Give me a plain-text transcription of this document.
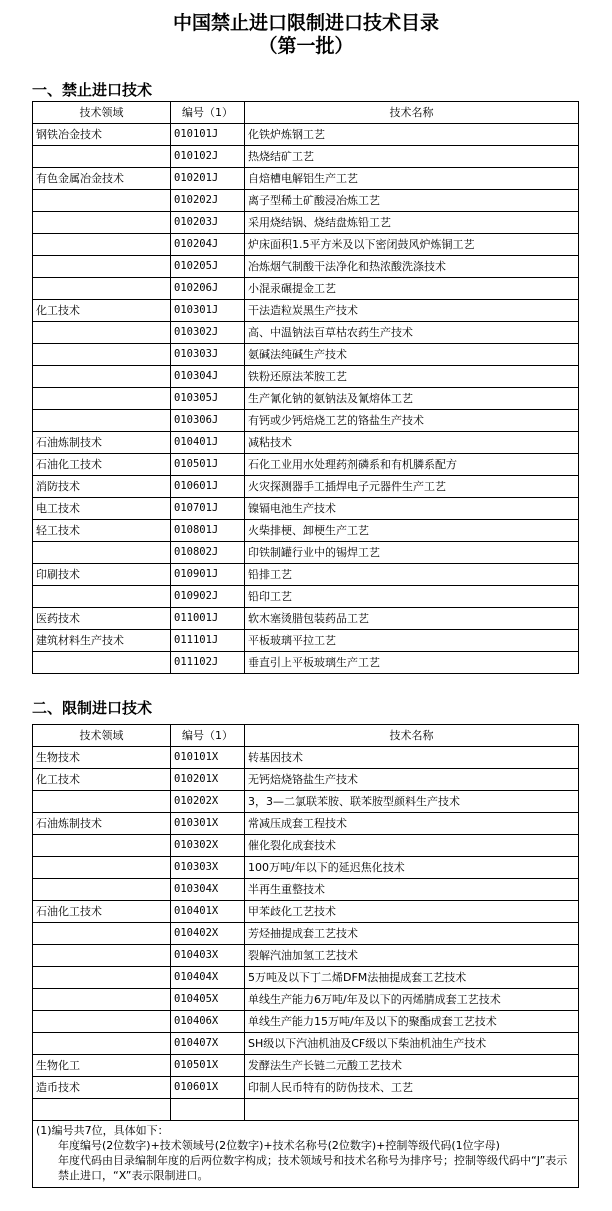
中国禁止进口限制进口技术目录
（第一批）
一、禁止进口技术
技术领域	编号（1）	技术名称
钢铁冶金技术	010101J	化铁炉炼钢工艺
	010102J	热烧结矿工艺
有色金属冶金技术	010201J	自焙槽电解铝生产工艺
	010202J	离子型稀土矿酸浸冶炼工艺
	010203J	采用烧结锅、烧结盘炼铅工艺
	010204J	炉床面积1.5平方米及以下密闭鼓风炉炼铜工艺
	010205J	冶炼烟气制酸干法净化和热浓酸洗涤技术
	010206J	小混汞碾提金工艺
化工技术	010301J	干法造粒炭黑生产技术
	010302J	高、中温钠法百草枯农药生产技术
	010303J	氨碱法纯碱生产技术
	010304J	铁粉还原法苯胺工艺
	010305J	生产氰化钠的氨钠法及氰熔体工艺
	010306J	有钙或少钙焙烧工艺的铬盐生产技术
石油炼制技术	010401J	减粘技术
石油化工技术	010501J	石化工业用水处理药剂磷系和有机膦系配方
消防技术	010601J	火灾探测器手工插焊电子元器件生产工艺
电工技术	010701J	镍镉电池生产技术
轻工技术	010801J	火柴排梗、卸梗生产工艺
	010802J	印铁制罐行业中的锡焊工艺
印刷技术	010901J	铅排工艺
	010902J	铅印工艺
医药技术	011001J	软木塞烫腊包装药品工艺
建筑材料生产技术	011101J	平板玻璃平拉工艺
	011102J	垂直引上平板玻璃生产工艺
二、限制进口技术
技术领域	编号（1）	技术名称
生物技术	010101X	转基因技术
化工技术	010201X	无钙焙烧铬盐生产技术
	010202X	3，3—二氯联苯胺、联苯胺型颜料生产技术
石油炼制技术	010301X	常减压成套工程技术
	010302X	催化裂化成套技术
	010303X	100万吨/年以下的延迟焦化技术
	010304X	半再生重整技术
石油化工技术	010401X	甲苯歧化工艺技术
	010402X	芳烃抽提成套工艺技术
	010403X	裂解汽油加氢工艺技术
	010404X	5万吨及以下丁二烯DFM法抽提成套工艺技术
	010405X	单线生产能力6万吨/年及以下的丙烯腈成套工艺技术
	010406X	单线生产能力15万吨/年及以下的聚酯成套工艺技术
	010407X	SH级以下汽油机油及CF级以下柴油机油生产技术
生物化工	010501X	发酵法生产长链二元酸工艺技术
造币技术	010601X	印制人民币特有的防伪技术、工艺

(1)编号共7位，具体如下：
年度编号(2位数字)+技术领域号(2位数字)+技术名称号(2位数字)+控制等级代码(1位字母)
年度代码由目录编制年度的后两位数字构成；技术领域号和技术名称号为排序号；控制等级代码中“J”表示禁止进口，“X”表示限制进口。		
